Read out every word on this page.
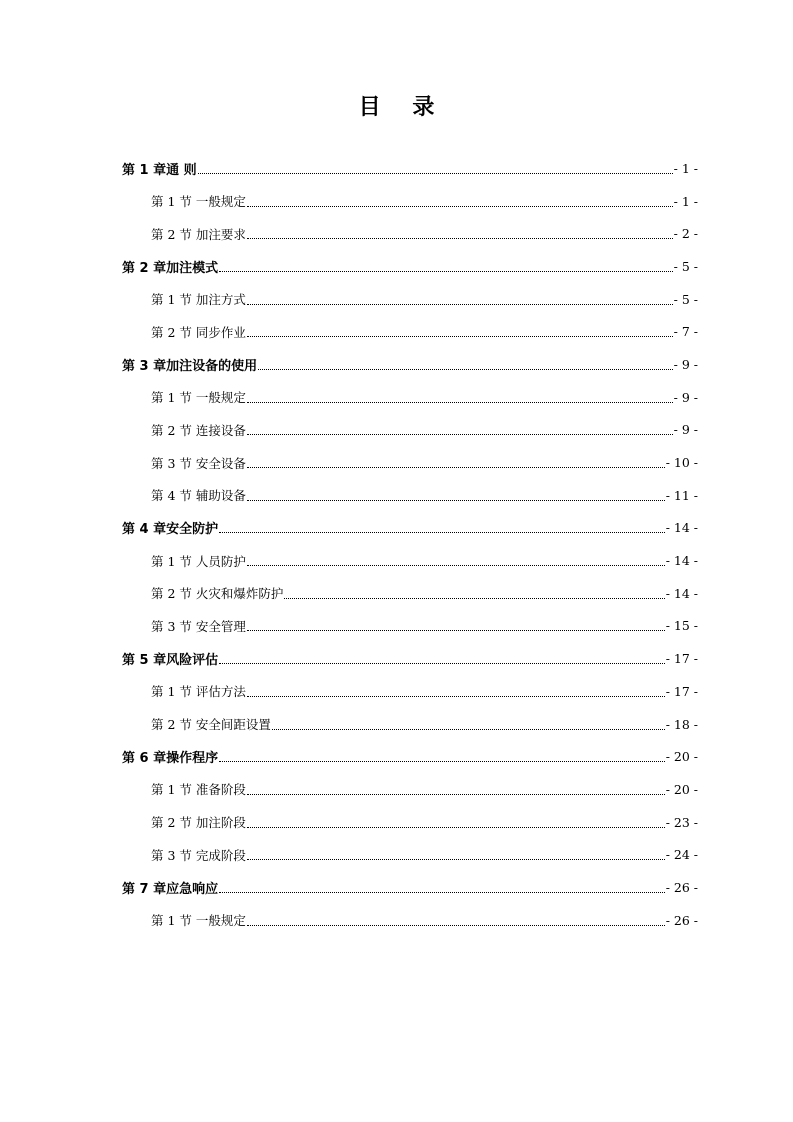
目 录
第 1 章通 则	- 1 -
第 1 节 一般规定	- 1 -
第 2 节 加注要求	- 2 -
第 2 章加注模式	- 5 -
第 1 节 加注方式	- 5 -
第 2 节 同步作业	- 7 -
第 3 章加注设备的使用	- 9 -
第 1 节 一般规定	- 9 -
第 2 节 连接设备	- 9 -
第 3 节 安全设备	- 10 -
第 4 节 辅助设备	- 11 -
第 4 章安全防护	- 14 -
第 1 节 人员防护	- 14 -
第 2 节 火灾和爆炸防护	- 14 -
第 3 节 安全管理	- 15 -
第 5 章风险评估	- 17 -
第 1 节 评估方法	- 17 -
第 2 节 安全间距设置	- 18 -
第 6 章操作程序	- 20 -
第 1 节 准备阶段	- 20 -
第 2 节 加注阶段	- 23 -
第 3 节 完成阶段	- 24 -
第 7 章应急响应	- 26 -
第 1 节 一般规定	- 26 -
